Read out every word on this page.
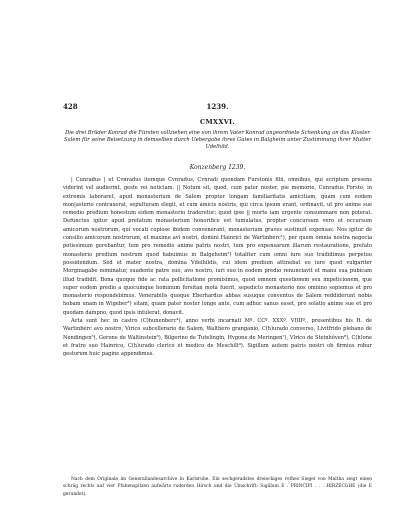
428	1239.
CMXXVI.
Die drei Brüder Konrad die Fürsten vollziehen eine von ihrem Vater Konrad angeordnete Schenkung an das Kloster Salem für seine Beisetzung in demselben durch Uebergabe ihres Gutes in Balgheim unter Zustimmung ihrer Mutter Udelhild.
Konzenberg 1239.

| Cunradus | et Cvnradus itemque Cvnradus, Cvnradi quondam Furstonis filii, omnibus, qui scriptum presens viderint vel audierint, geste rei noticiam. || Notum sit, quod, cum pater noster, pie memorie, Cunradus Forsto, in extremis laboraret, apud monasterium de Salem propter longam familiaritatis amicitiam, quam cum eodem mon|asterio contraxerat, sepulturam elegit, et cum amicis nostris, qui circa ipsum erant, ordinavit, ut pro anime sue remedio predium honestum eidem monasterio traderetur; quod ipse || morte iam urgente consummare non poterat. Defunctus igitur apud prefatum monasterium honorifice est tumulatus, propter concursum vero et occursum amicorum nostrorum, qui vocati copiose ibidem convenerant, monasterium graves sustinuit expensas. Nos igitur de consilio amicorum nostrorum, et maxime avi nostri, domini Hainrici de Wartinberc¹), per quem omnia nostra negocia potissimum gerebantur, tum pro remedio anime patris nostri, tum pro expensarum illarum restauratione, prefato monasterio predium nostrum quod habuimus in Balgeheim²) totaliter cum omni iure suo tradidimus perpetuo possidendum. Sed et mater nostra, domina Vdelhildis, cui idem predium attinebat eo iure quod vulgariter Morginagabe nominatur, suadente patre suo, avo nostro, iuri suo in eodem predio renunciavit et manu sua pubicam illud tradidit. Bona quoque fide ac rata pollicitatione promisimus, quod omnem questionem seu impeticionem, que super eodem predio a quocumque hominum forsitan mota fuerit, sepedicto monasterio nos omnino sopiemus et pro monasterio respondebimus. Venerabilis quoque Eberhardus abbas susuque conventus de Salem reddiderunt nobis hobam unam in Wigeber³) sitam, quam pater noster longe ante, cum adhuc sanus esset, pro solatio anime sue et pro quodam dampno, quod ipsis intulerat, donavit.

Acta sunt hec in castro (C)hunenberc⁴), anno verbi incarnati Mº. CCº. XXXº. VIIIIº., presentibus his H. de Wartinberc avo nostro, Viricо subcellerario de Salem, Walthero granganio, C(h)urado converso, Livitfrido plebano de Nendingen⁵), Gerone de Waltinstein⁶), Bilgerino de Tutelingin, Hvgone de Meringen⁷), Vlrico de Steinhôven⁸), C(h)one et fratre suo Hainrico, C(h)urado clerico et medico de Meschilt⁹). Sigillum autem patris nostri ob firmius robur gestorum huic pagine appendimus.

Nach dem Originale im Generallandesarchive in Karlsruhe. Ein sechgeradstes dreieckiges rothes Siegel von Maltha zeigt einen schräg rechts auf vier Pfahenspitzen aufwärts ruderden Hirsch und die Umschrift: Sigillum E . PRINCIPI . . . HIRZECGHE (die E gerundet).
